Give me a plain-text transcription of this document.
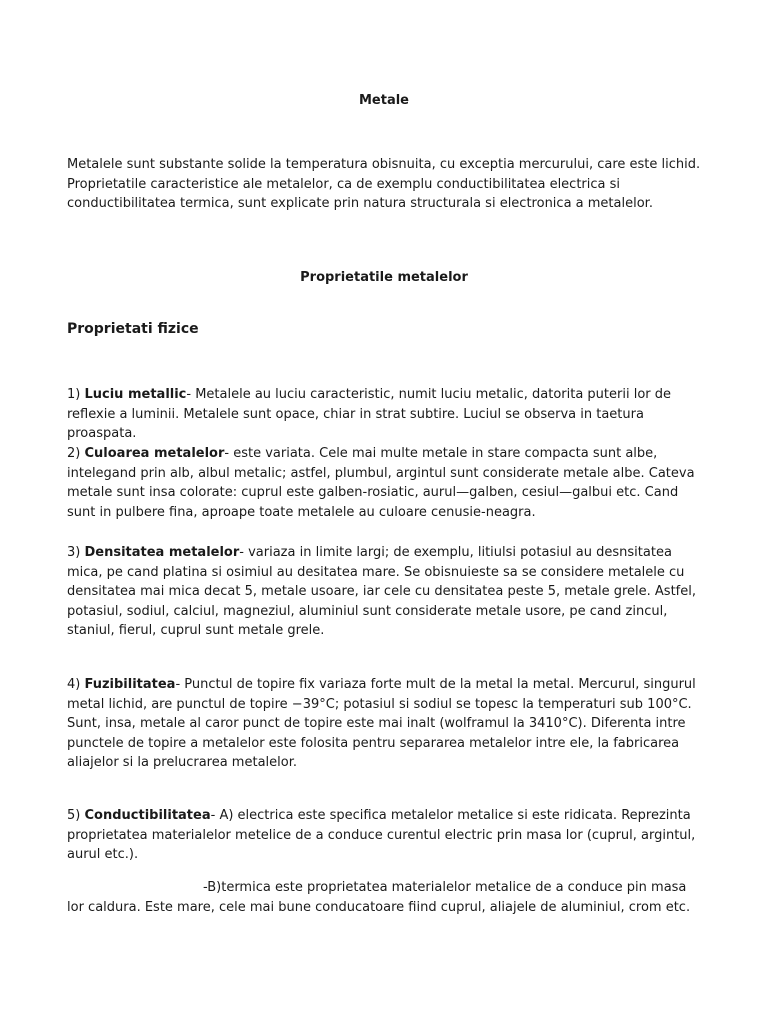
Metale

Metalele sunt substante solide la temperatura obisnuita, cu exceptia mercurului, care este lichid. Proprietatile caracteristice ale metalelor, ca de exemplu conductibilitatea electrica si conductibilitatea termica, sunt explicate prin natura structurala si electronica a metalelor.

Proprietatile metalelor
Proprietati fizice

1) Luciu metallic- Metalele au luciu caracteristic, numit luciu metalic, datorita puterii lor de reflexie a luminii. Metalele sunt opace, chiar in strat subtire. Luciul se observa in taetura proaspata.

2) Culoarea metalelor- este variata. Cele mai multe metale in stare compacta sunt albe, intelegand prin alb, albul metalic; astfel, plumbul, argintul sunt considerate metale albe. Cateva metale sunt insa colorate: cuprul este galben-rosiatic, aurul—galben, cesiul—galbui etc. Cand sunt in pulbere fina, aproape toate metalele au culoare cenusie-neagra.

3) Densitatea metalelor- variaza in limite largi; de exemplu, litiulsi potasiul au desnsitatea mica, pe cand platina si osimiul au desitatea mare. Se obisnuieste sa se considere metalele cu densitatea mai mica decat 5, metale usoare, iar cele cu densitatea peste 5, metale grele. Astfel, potasiul, sodiul, calciul, magneziul, aluminiul sunt considerate metale usore, pe cand zincul, staniul, fierul, cuprul sunt metale grele.

4) Fuzibilitatea- Punctul de topire fix variaza forte mult de la metal la metal. Mercurul, singurul metal lichid, are punctul de topire −39°C; potasiul si sodiul se topesc la temperaturi sub 100°C. Sunt, insa, metale al caror punct de topire este mai inalt (wolframul la 3410°C). Diferenta intre punctele de topire a metalelor este folosita pentru separarea metalelor intre ele, la fabricarea aliajelor si la prelucrarea metalelor.

5) Conductibilitatea- A) electrica este specifica metalelor metalice si este ridicata. Reprezinta proprietatea materialelor metelice de a conduce curentul electric prin masa lor (cuprul, argintul, aurul etc.).

-B)termica este proprietatea materialelor metalice de a conduce pin masa lor caldura. Este mare, cele mai bune conducatoare fiind cuprul, aliajele de aluminiul, crom etc.
